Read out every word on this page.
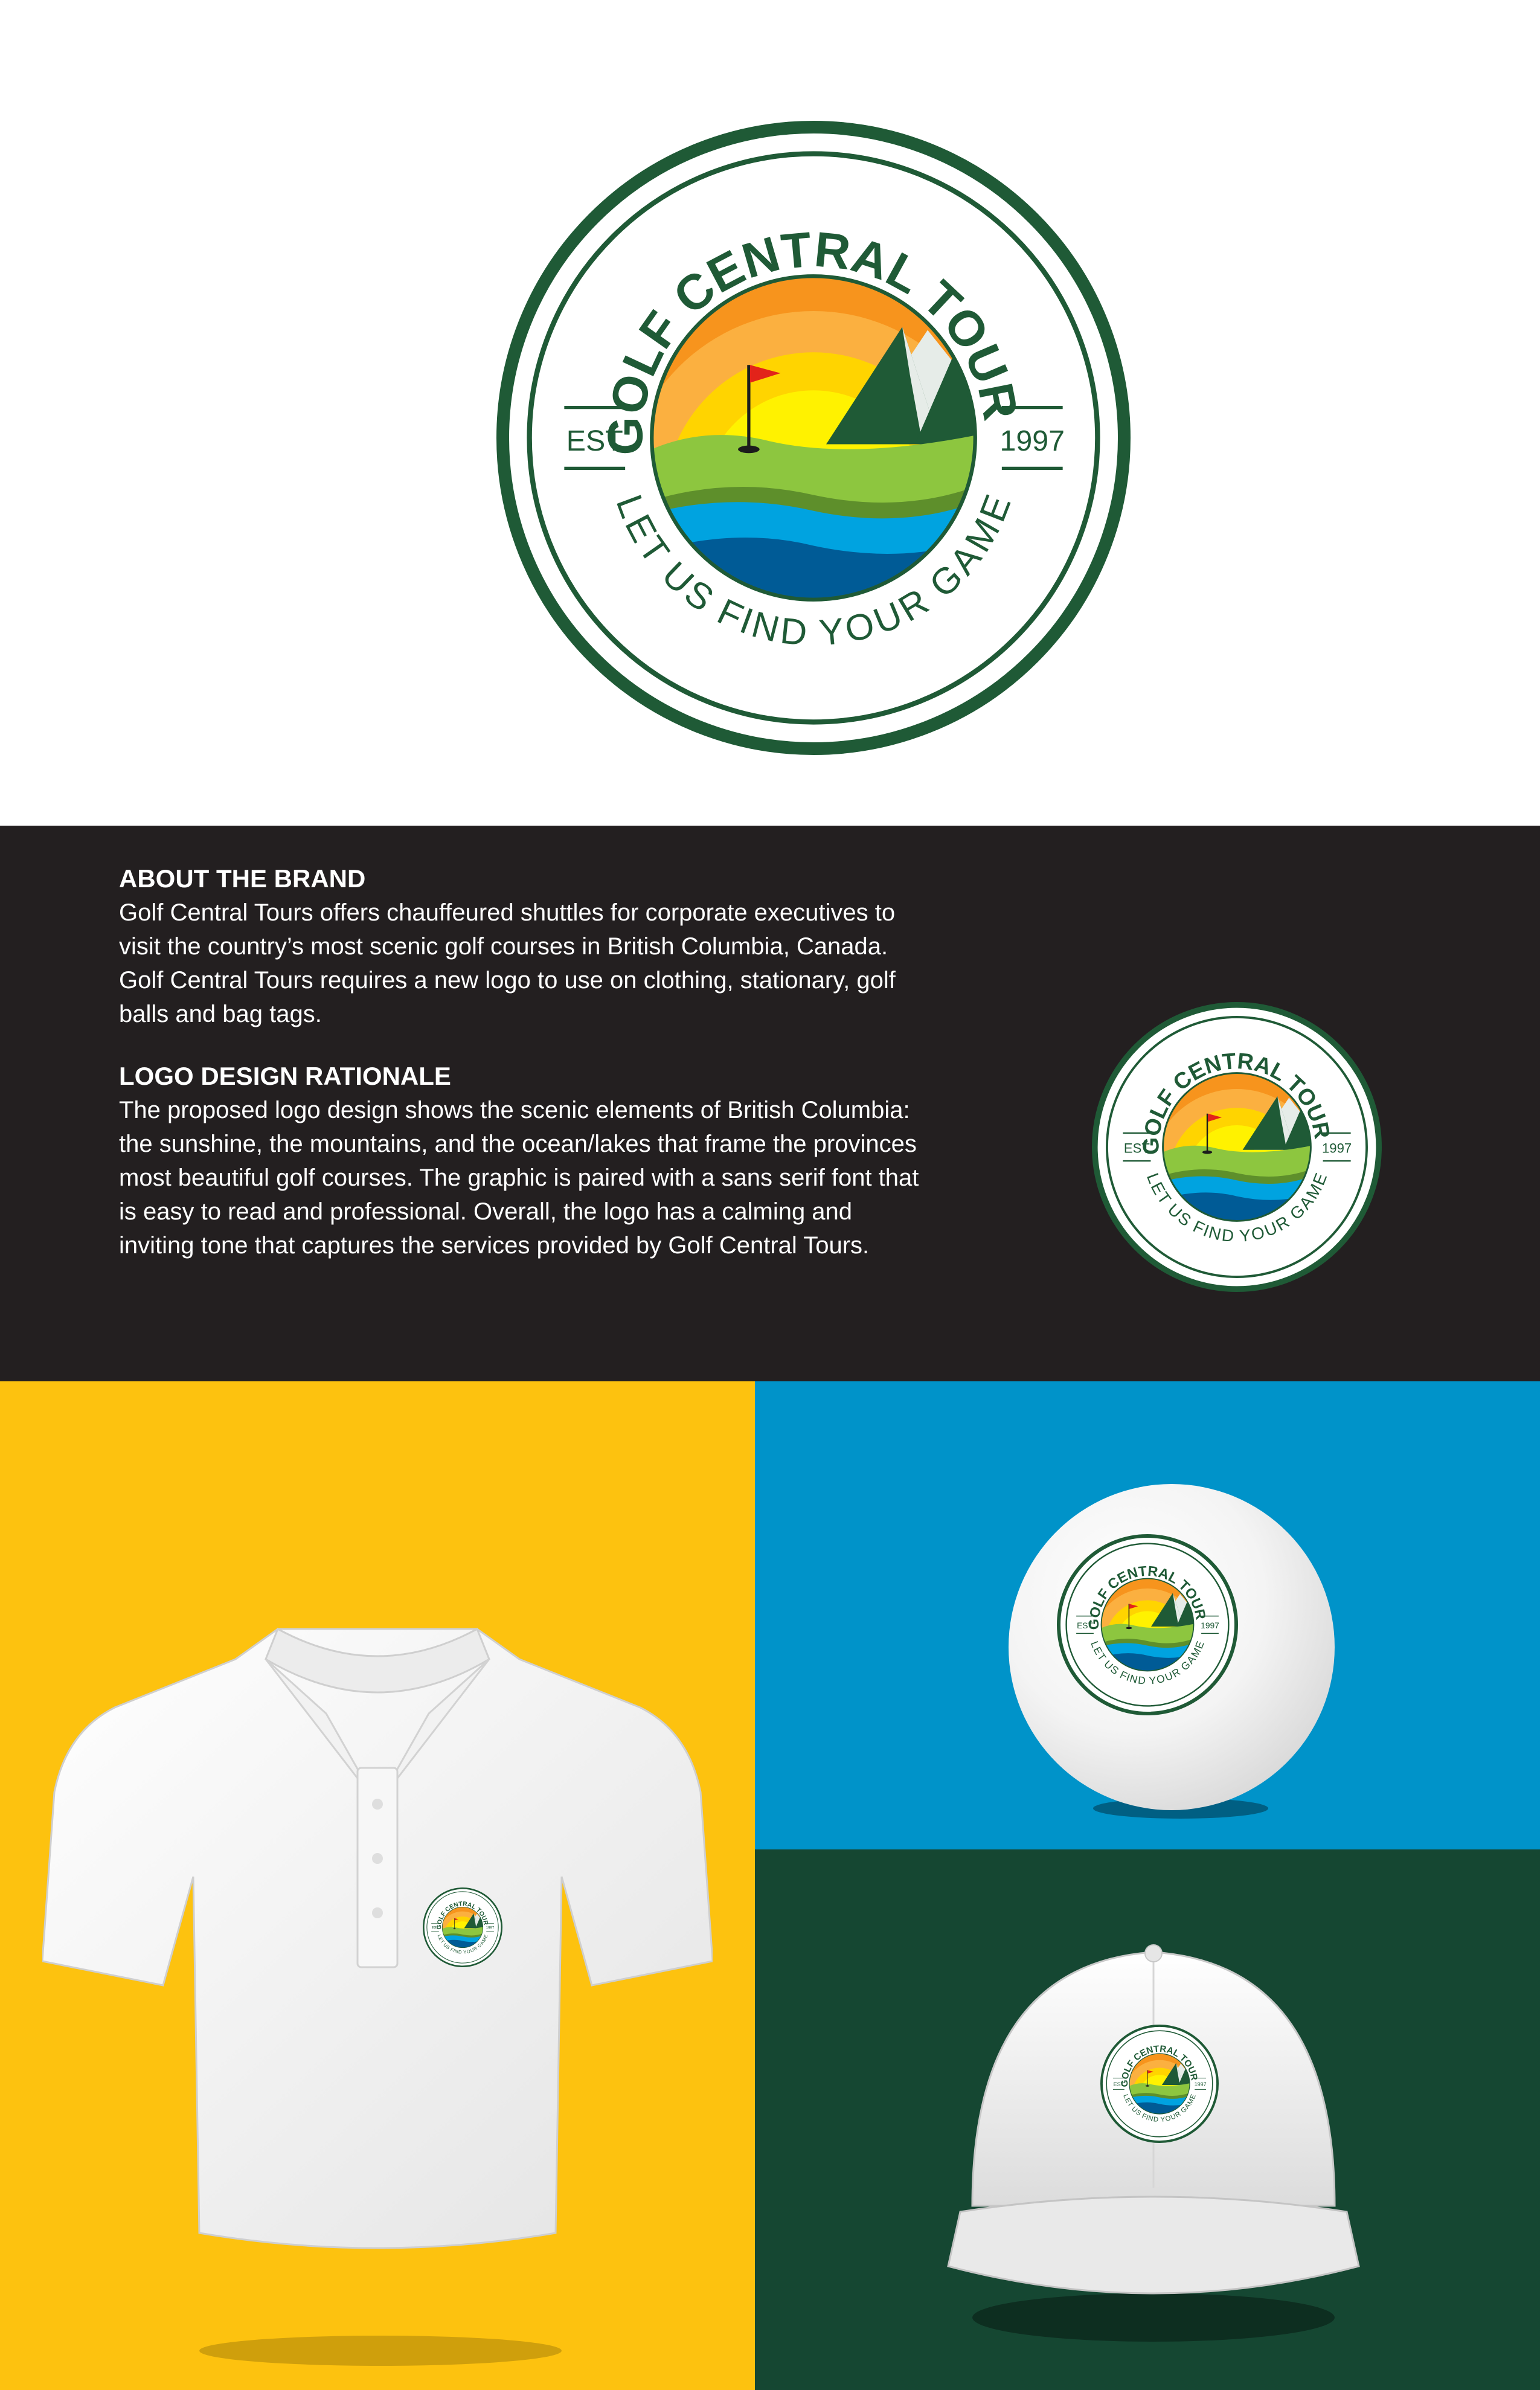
ABOUT THE BRAND

Golf Central Tours offers chauffeured shuttles for corporate executives to visit the country’s most scenic golf courses in British Columbia, Canada. Golf Central Tours requires a new logo to use on clothing, stationary, golf balls and bag tags.

LOGO DESIGN RATIONALE

The proposed logo design shows the scenic elements of British Columbia: the sunshine, the mountains, and the ocean/lakes that frame the provinces most beautiful golf courses. The graphic is paired with a sans serif font that is easy to read and professional. Overall, the logo has a calming and inviting tone that captures the services provided by Golf Central Tours.
